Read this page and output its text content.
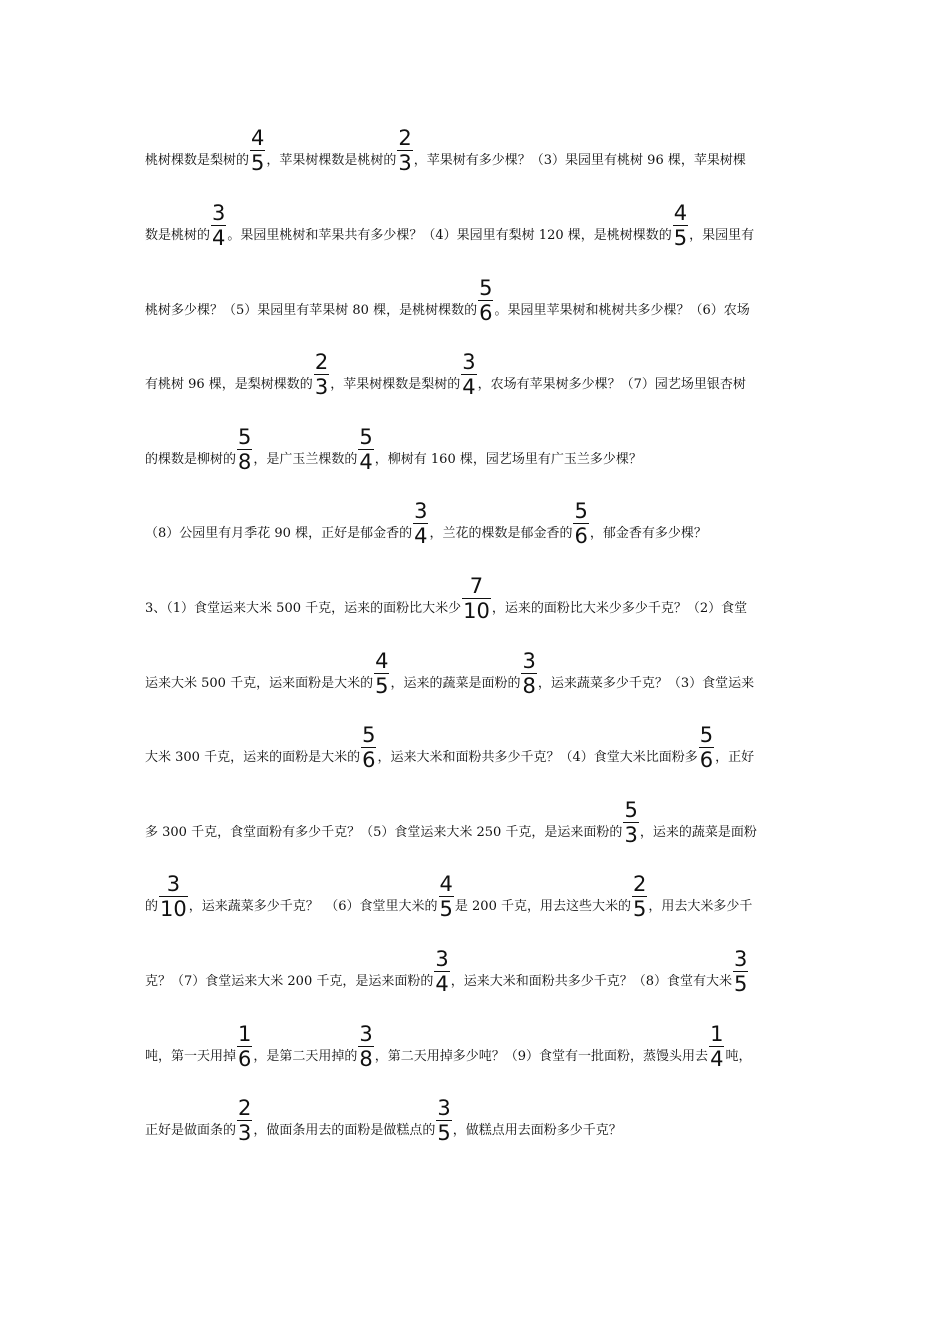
桃树棵数是梨树的 $\frac{4}{5}$ ，苹果树棵数是桃树的 $\frac{2}{3}$ ，苹果树有多少棵？（3）果园里有桃树 96 棵，苹果树棵
数是桃树的 $\frac{3}{4}$ 。果园里桃树和苹果共有多少棵？（4）果园里有梨树 120 棵，是桃树棵数的 $\frac{4}{5}$ ，果园里有
桃树多少棵？（5）果园里有苹果树 80 棵，是桃树棵数的 $\frac{5}{6}$ 。果园里苹果树和桃树共多少棵？（6）农场
有桃树 96 棵，是梨树棵数的 $\frac{2}{3}$ ，苹果树棵数是梨树的 $\frac{3}{4}$ ，农场有苹果树多少棵？（7）园艺场里银杏树
的棵数是柳树的 $\frac{5}{8}$ ，是广玉兰棵数的 $\frac{5}{4}$ ，柳树有 160 棵，园艺场里有广玉兰多少棵？
（8）公园里有月季花 90 棵，正好是郁金香的 $\frac{3}{4}$ ，兰花的棵数是郁金香的 $\frac{5}{6}$ ，郁金香有多少棵？
3、（1）食堂运来大米 500 千克，运来的面粉比大米少 $\frac{7}{10}$ ，运来的面粉比大米少多少千克？（2）食堂
运来大米 500 千克，运来面粉是大米的 $\frac{4}{5}$ ，运来的蔬菜是面粉的 $\frac{3}{8}$ ，运来蔬菜多少千克？（3）食堂运来
大米 300 千克，运来的面粉是大米的 $\frac{5}{6}$ ，运来大米和面粉共多少千克？（4）食堂大米比面粉多 $\frac{5}{6}$ ，正好
多 300 千克，食堂面粉有多少千克？（5）食堂运来大米 250 千克，是运来面粉的 $\frac{5}{3}$ ，运来的蔬菜是面粉
的 $\frac{3}{10}$ ，运来蔬菜多少千克？　（6）食堂里大米的 $\frac{4}{5}$ 是 200 千克，用去这些大米的 $\frac{2}{5}$ ，用去大米多少千
克？（7）食堂运来大米 200 千克，是运来面粉的 $\frac{3}{4}$ ，运来大米和面粉共多少千克？（8）食堂有大米 $\frac{3}{5}$
吨，第一天用掉 $\frac{1}{6}$ ，是第二天用掉的 $\frac{3}{8}$ ，第二天用掉多少吨？（9）食堂有一批面粉，蒸馒头用去 $\frac{1}{4}$ 吨，
正好是做面条的 $\frac{2}{3}$ ，做面条用去的面粉是做糕点的 $\frac{3}{5}$ ，做糕点用去面粉多少千克？
